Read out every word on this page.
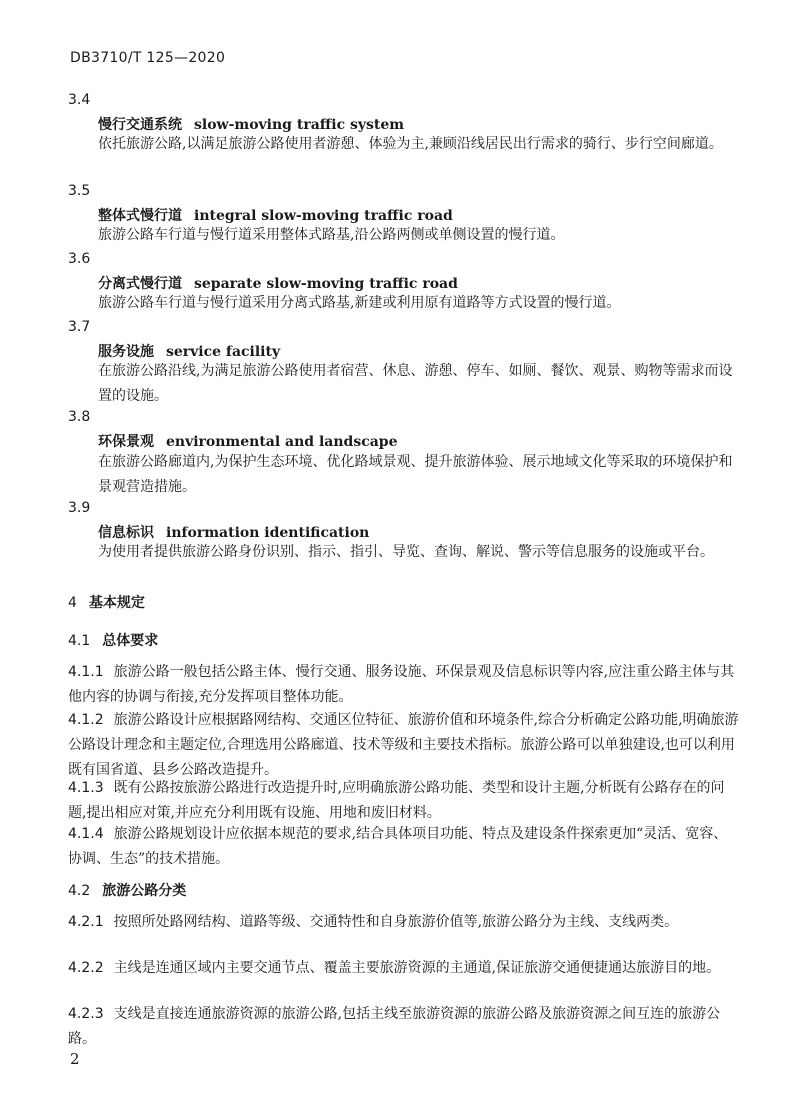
DB3710/T 125—2020
3.4
慢行交通系统 slow-moving traffic system
依托旅游公路,以满足旅游公路使用者游憩、体验为主,兼顾沿线居民出行需求的骑行、步行空间廊道。
3.5
整体式慢行道 integral slow-moving traffic road
旅游公路车行道与慢行道采用整体式路基,沿公路两侧或单侧设置的慢行道。
3.6
分离式慢行道 separate slow-moving traffic road
旅游公路车行道与慢行道采用分离式路基,新建或利用原有道路等方式设置的慢行道。
3.7
服务设施 service facility
在旅游公路沿线,为满足旅游公路使用者宿营、休息、游憩、停车、如厕、餐饮、观景、购物等需求而设置的设施。
3.8
环保景观 environmental and landscape
在旅游公路廊道内,为保护生态环境、优化路域景观、提升旅游体验、展示地域文化等采取的环境保护和景观营造措施。
3.9
信息标识 information identification
为使用者提供旅游公路身份识别、指示、指引、导览、查询、解说、警示等信息服务的设施或平台。
4 基本规定
4.1 总体要求
4.1.1 旅游公路一般包括公路主体、慢行交通、服务设施、环保景观及信息标识等内容,应注重公路主体与其他内容的协调与衔接,充分发挥项目整体功能。
4.1.2 旅游公路设计应根据路网结构、交通区位特征、旅游价值和环境条件,综合分析确定公路功能,明确旅游公路设计理念和主题定位,合理选用公路廊道、技术等级和主要技术指标。旅游公路可以单独建设,也可以利用既有国省道、县乡公路改造提升。
4.1.3 既有公路按旅游公路进行改造提升时,应明确旅游公路功能、类型和设计主题,分析既有公路存在的问题,提出相应对策,并应充分利用既有设施、用地和废旧材料。
4.1.4 旅游公路规划设计应依据本规范的要求,结合具体项目功能、特点及建设条件探索更加“灵活、宽容、协调、生态”的技术措施。
4.2 旅游公路分类
4.2.1 按照所处路网结构、道路等级、交通特性和自身旅游价值等,旅游公路分为主线、支线两类。
4.2.2 主线是连通区域内主要交通节点、覆盖主要旅游资源的主通道,保证旅游交通便捷通达旅游目的地。
4.2.3 支线是直接连通旅游资源的旅游公路,包括主线至旅游资源的旅游公路及旅游资源之间互连的旅游公路。
2
